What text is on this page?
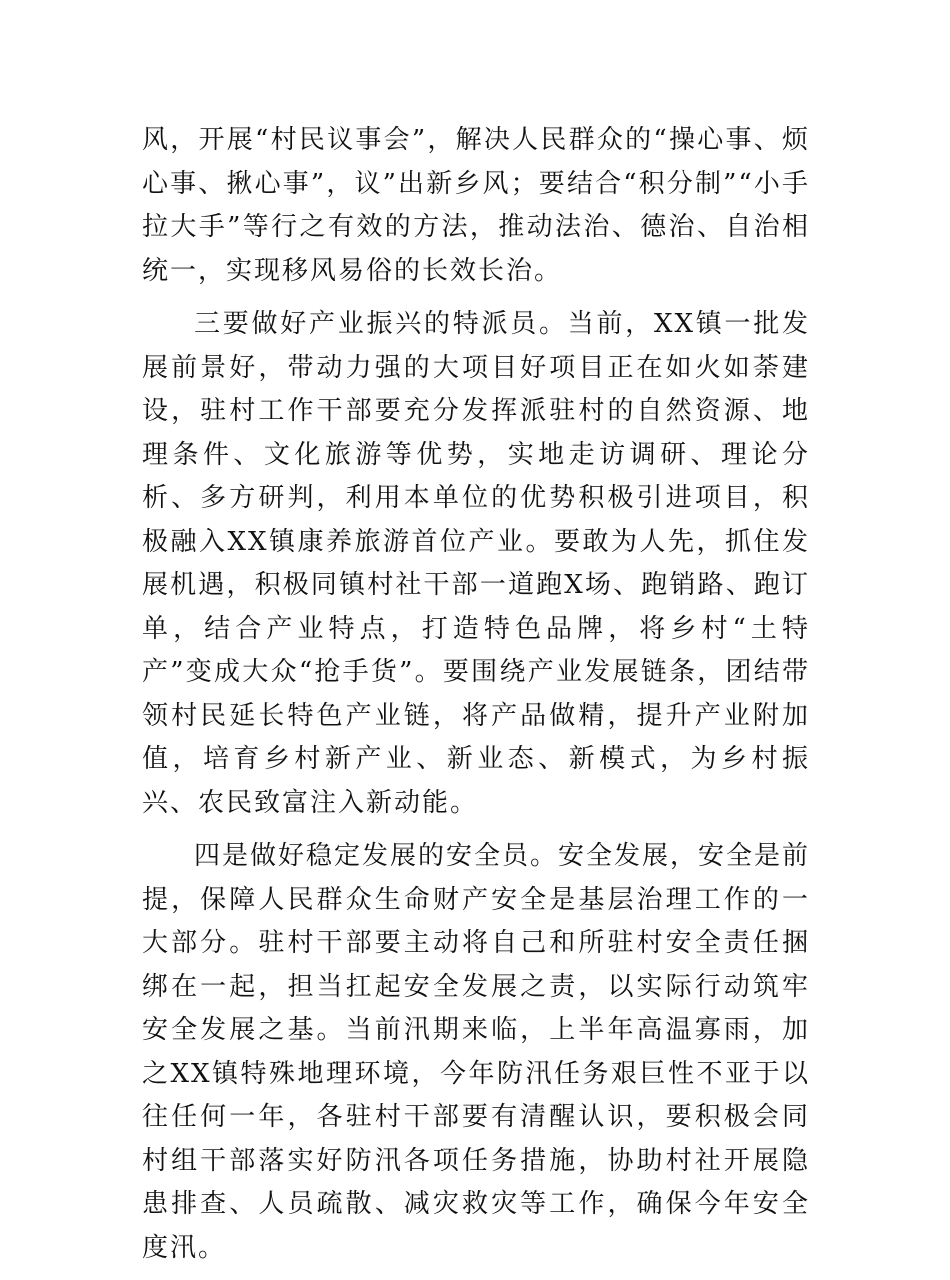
风，开展“村民议事会”，解决人民群众的“操心事、烦心事、揪心事”，议”出新乡风；要结合“积分制”“小手拉大手”等行之有效的方法，推动法治、德治、自治相统一，实现移风易俗的长效长治。

三要做好产业振兴的特派员。当前，XX镇一批发展前景好，带动力强的大项目好项目正在如火如荼建设，驻村工作干部要充分发挥派驻村的自然资源、地理条件、文化旅游等优势，实地走访调研、理论分析、多方研判，利用本单位的优势积极引进项目，积极融入XX镇康养旅游首位产业。要敢为人先，抓住发展机遇，积极同镇村社干部一道跑X场、跑销路、跑订单，结合产业特点，打造特色品牌，将乡村“土特产”变成大众“抢手货”。要围绕产业发展链条，团结带领村民延长特色产业链，将产品做精，提升产业附加值，培育乡村新产业、新业态、新模式，为乡村振兴、农民致富注入新动能。

四是做好稳定发展的安全员。安全发展，安全是前提，保障人民群众生命财产安全是基层治理工作的一大部分。驻村干部要主动将自己和所驻村安全责任捆绑在一起，担当扛起安全发展之责，以实际行动筑牢安全发展之基。当前汛期来临，上半年高温寡雨，加之XX镇特殊地理环境，今年防汛任务艰巨性不亚于以往任何一年，各驻村干部要有清醒认识，要积极会同村组干部落实好防汛各项任务措施，协助村社开展隐患排查、人员疏散、减灾救灾等工作，确保今年安全度汛。
